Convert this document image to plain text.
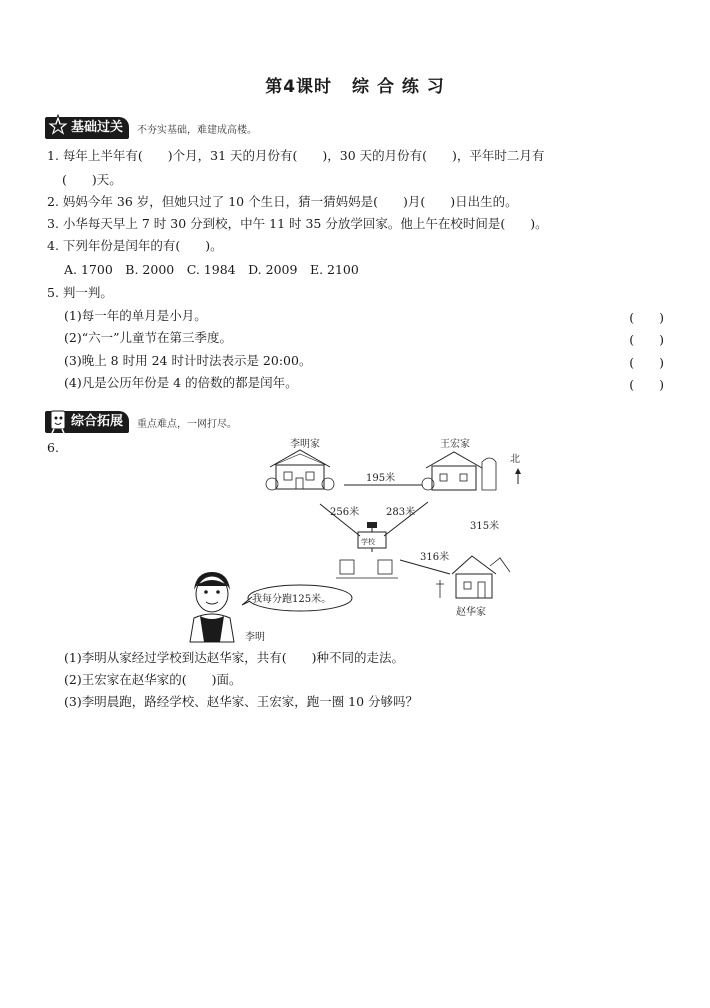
第4课时 综 合 练 习
基础过关	不夯实基础，难建成高楼。
1. 每年上半年有(　　)个月，31 天的月份有(　　)，30 天的月份有(　　)，平年时二月有
(　　)天。
2. 妈妈今年 36 岁，但她只过了 10 个生日，猜一猜妈妈是(　　)月(　　)日出生的。
3. 小华每天早上 7 时 30 分到校，中午 11 时 35 分放学回家。他上午在校时间是(　　)。
4. 下列年份是闰年的有(　　)。
A. 1700　B. 2000　C. 1984　D. 2009　E. 2100
5. 判一判。
(1)每一年的单月是小月。	(　　)
(2)“六一”儿童节在第三季度。	(　　)
(3)晚上 8 时用 24 时计时法表示是 20:00。	(　　)
(4)凡是公历年份是 4 的倍数的都是闰年。	(　　)
综合拓展	重点难点，一网打尽。
6.	李明家	王宏家
北
195米
学校
256米	283米
315米
316米
赵华家
我每分跑125米。
李明
(1)李明从家经过学校到达赵华家，共有(　　)种不同的走法。
(2)王宏家在赵华家的(　　)面。
(3)李明晨跑，路经学校、赵华家、王宏家，跑一圈 10 分够吗？
